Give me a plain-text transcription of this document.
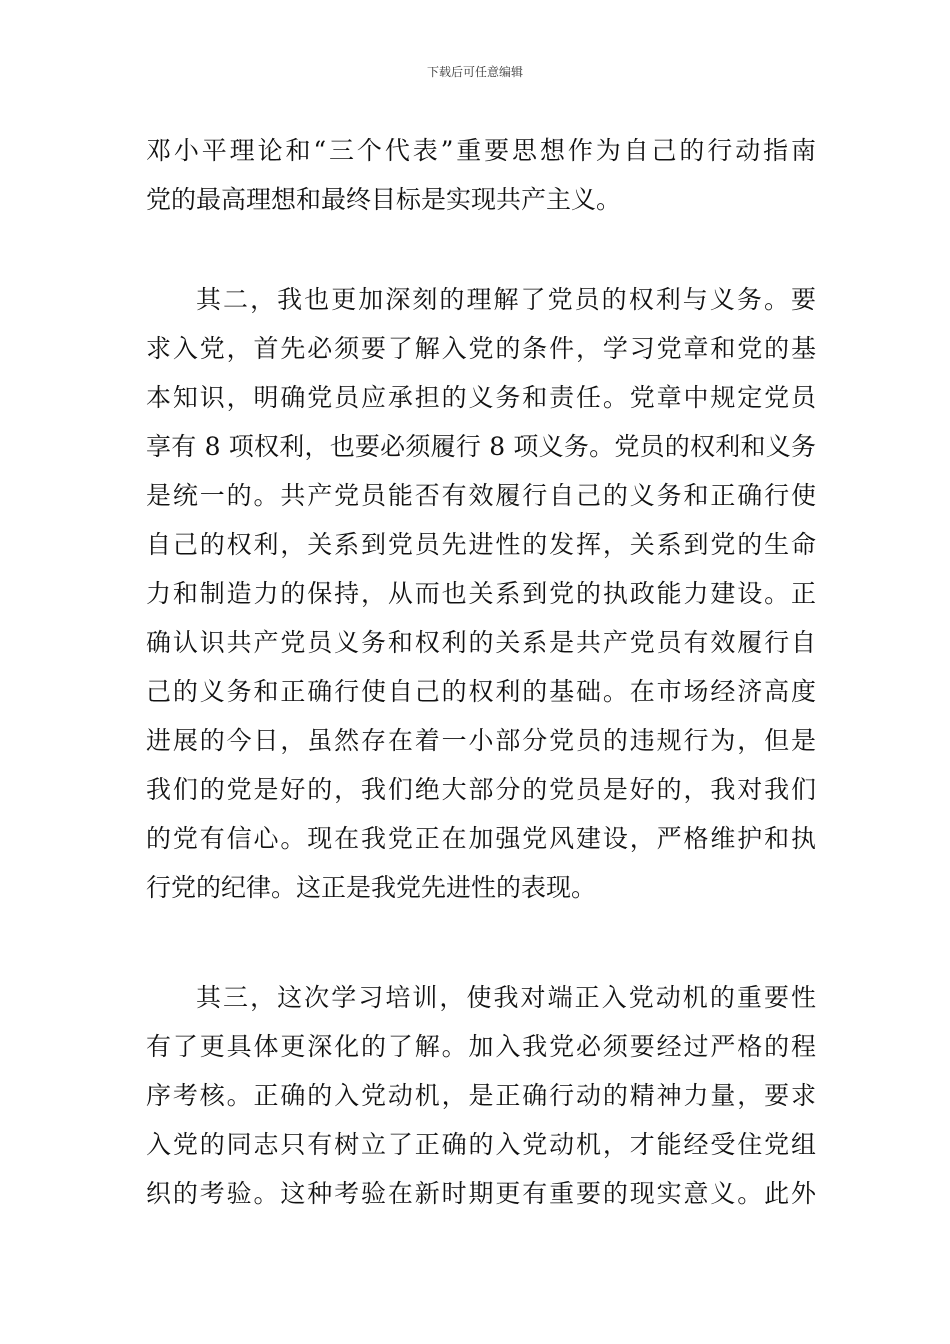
下载后可任意编辑
邓小平理论和“三个代表”重要思想作为自己的行动指南
党的最高理想和最终目标是实现共产主义。
其二，我也更加深刻的理解了党员的权利与义务。要
求入党，首先必须要了解入党的条件，学习党章和党的基
本知识，明确党员应承担的义务和责任。党章中规定党员
享有 8 项权利，也要必须履行 8 项义务。党员的权利和义务
是统一的。共产党员能否有效履行自己的义务和正确行使
自己的权利，关系到党员先进性的发挥，关系到党的生命
力和制造力的保持，从而也关系到党的执政能力建设。正
确认识共产党员义务和权利的关系是共产党员有效履行自
己的义务和正确行使自己的权利的基础。在市场经济高度
进展的今日，虽然存在着一小部分党员的违规行为，但是
我们的党是好的，我们绝大部分的党员是好的，我对我们
的党有信心。现在我党正在加强党风建设，严格维护和执
行党的纪律。这正是我党先进性的表现。
其三，这次学习培训，使我对端正入党动机的重要性
有了更具体更深化的了解。加入我党必须要经过严格的程
序考核。正确的入党动机，是正确行动的精神力量，要求
入党的同志只有树立了正确的入党动机，才能经受住党组
织的考验。这种考验在新时期更有重要的现实意义。此外
